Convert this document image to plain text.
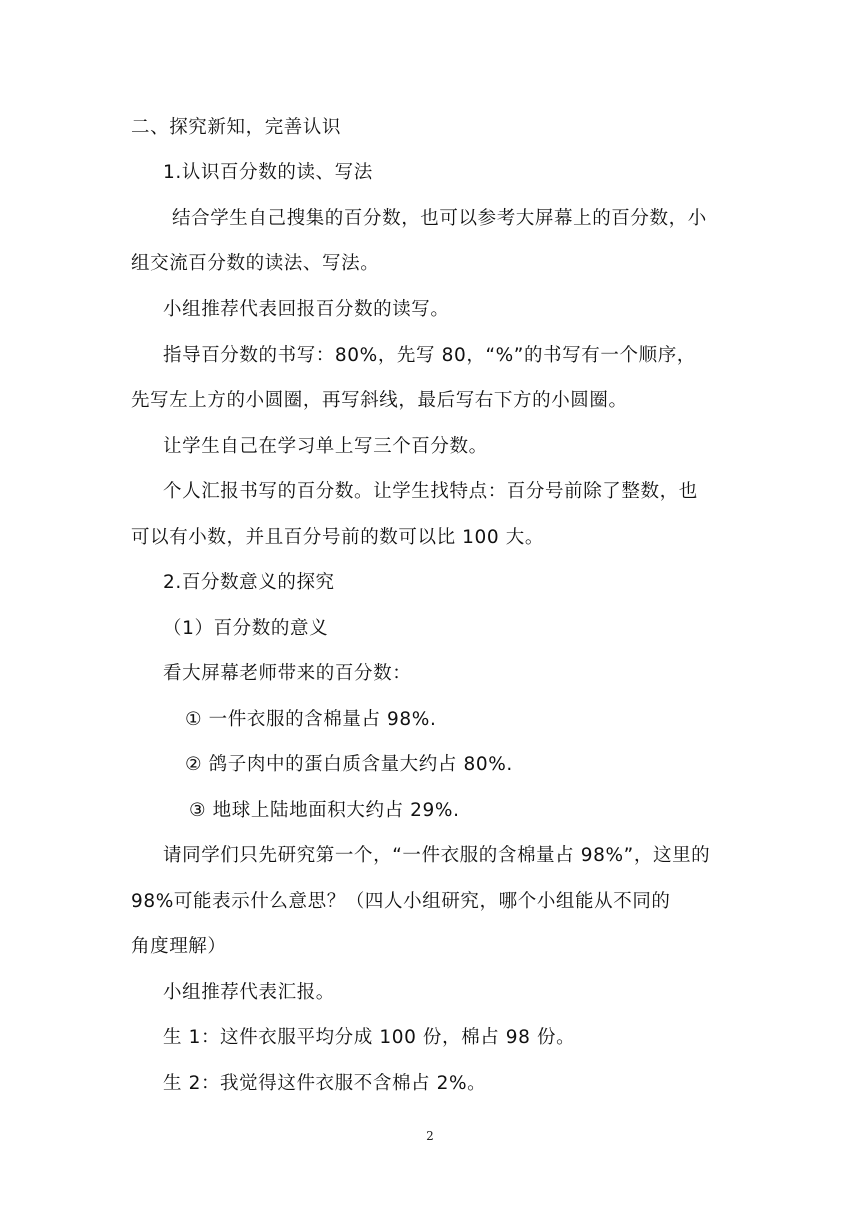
二、探究新知，完善认识
1.认识百分数的读、写法
结合学生自己搜集的百分数，也可以参考大屏幕上的百分数，小
组交流百分数的读法、写法。
小组推荐代表回报百分数的读写。
指导百分数的书写：80%，先写 80，“%”的书写有一个顺序，
先写左上方的小圆圈，再写斜线，最后写右下方的小圆圈。
让学生自己在学习单上写三个百分数。
个人汇报书写的百分数。让学生找特点：百分号前除了整数，也
可以有小数，并且百分号前的数可以比 100 大。
2.百分数意义的探究
（1）百分数的意义
看大屏幕老师带来的百分数：
① 一件衣服的含棉量占 98%.
② 鸽子肉中的蛋白质含量大约占 80%.
③ 地球上陆地面积大约占 29%.
请同学们只先研究第一个，“一件衣服的含棉量占 98%”，这里的
98%可能表示什么意思？（四人小组研究，哪个小组能从不同的
角度理解）
小组推荐代表汇报。
生 1：这件衣服平均分成 100 份，棉占 98 份。
生 2：我觉得这件衣服不含棉占 2%。
2
